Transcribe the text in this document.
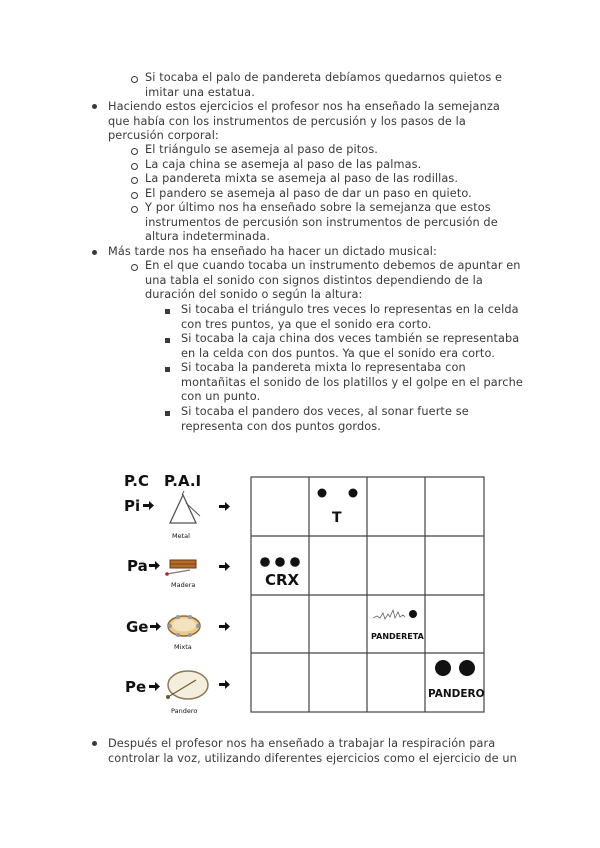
Si tocaba el palo de pandereta debíamos quedarnos quietos e
imitar una estatua.
Haciendo estos ejercicios el profesor nos ha enseñado la semejanza
que había con los instrumentos de percusión y los pasos de la
percusión corporal:
El triángulo se asemeja al paso de pitos.
La caja china se asemeja al paso de las palmas.
La pandereta mixta se asemeja al paso de las rodillas.
El pandero se asemeja al paso de dar un paso en quieto.
Y por último nos ha enseñado sobre la semejanza que estos
instrumentos de percusión son instrumentos de percusión de
altura indeterminada.
Más tarde nos ha enseñado ha hacer un dictado musical:
En el que cuando tocaba un instrumento debemos de apuntar en
una tabla el sonido con signos distintos dependiendo de la
duración del sonido o según la altura:
Si tocaba el triángulo tres veces lo representas en la celda
con tres puntos, ya que el sonido era corto.
Si tocaba la caja china dos veces también se representaba
en la celda con dos puntos. Ya que el sonido era corto.
Si tocaba la pandereta mixta lo representaba con
montañitas el sonido de los platillos y el golpe en el parche
con un punto.
Si tocaba el pandero dos veces, al sonar fuerte se
representa con dos puntos gordos.
P.C P.A.I
Pi
Pa
Ge
Pe
Metal
Madera
Mixta
Pandero
T
CRX
PANDERETA
PANDERO
Después el profesor nos ha enseñado a trabajar la respiración para
controlar la voz, utilizando diferentes ejercicios como el ejercicio de un
